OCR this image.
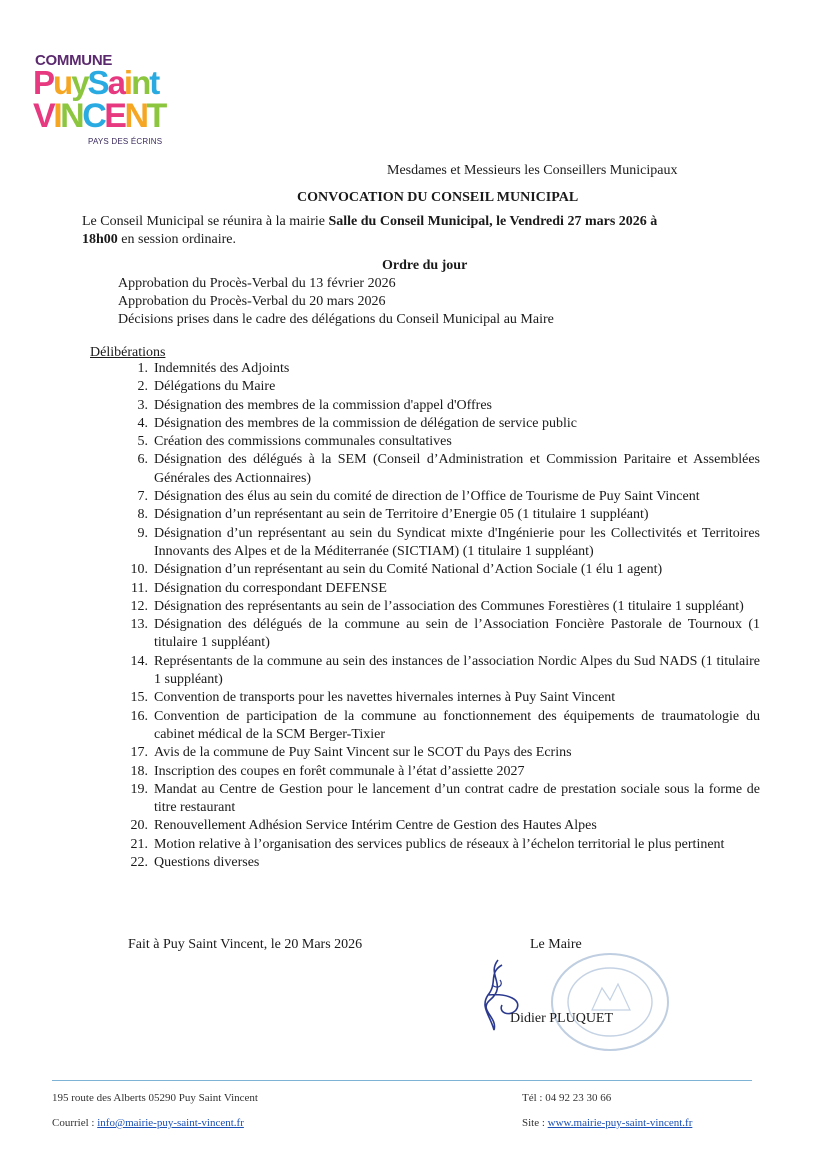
COMMUNE
PuySaint
VINCENT
PAYS DES ÉCRINS
Mesdames et Messieurs les Conseillers Municipaux
CONVOCATION DU CONSEIL MUNICIPAL
Le Conseil Municipal se réunira à la mairie Salle du Conseil Municipal, le Vendredi 27 mars 2026 à
18h00 en session ordinaire.
Ordre du jour
Approbation du Procès-Verbal du 13 février 2026
Approbation du Procès-Verbal du 20 mars 2026
Décisions prises dans le cadre des délégations du Conseil Municipal au Maire
Délibérations
1. Indemnités des Adjoints
2. Délégations du Maire
3. Désignation des membres de la commission d'appel d'Offres
4. Désignation des membres de la commission de délégation de service public
5. Création des commissions communales consultatives
6. Désignation des délégués à la SEM (Conseil d’Administration et Commission Paritaire et Assemblées Générales des Actionnaires)
7. Désignation des élus au sein du comité de direction de l’Office de Tourisme de Puy Saint Vincent
8. Désignation d’un représentant au sein de Territoire d’Energie 05 (1 titulaire 1 suppléant)
9. Désignation d’un représentant au sein du Syndicat mixte d'Ingénierie pour les Collectivités et Territoires Innovants des Alpes et de la Méditerranée (SICTIAM) (1 titulaire 1 suppléant)
10. Désignation d’un représentant au sein du Comité National d’Action Sociale (1 élu 1 agent)
11. Désignation du correspondant DEFENSE
12. Désignation des représentants au sein de l’association des Communes Forestières (1 titulaire 1 suppléant)
13. Désignation des délégués de la commune au sein de l’Association Foncière Pastorale de Tournoux (1 titulaire 1 suppléant)
14. Représentants de la commune au sein des instances de l’association Nordic Alpes du Sud NADS (1 titulaire 1 suppléant)
15. Convention de transports pour les navettes hivernales internes à Puy Saint Vincent
16. Convention de participation de la commune au fonctionnement des équipements de traumatologie du cabinet médical de la SCM Berger-Tixier
17. Avis de la commune de Puy Saint Vincent sur le SCOT du Pays des Ecrins
18. Inscription des coupes en forêt communale à l’état d’assiette 2027
19. Mandat au Centre de Gestion pour le lancement d’un contrat cadre de prestation sociale sous la forme de titre restaurant
20. Renouvellement Adhésion Service Intérim Centre de Gestion des Hautes Alpes
21. Motion relative à l’organisation des services publics de réseaux à l’échelon territorial le plus pertinent
22. Questions diverses
Fait à Puy Saint Vincent, le 20 Mars 2026	Le Maire
Didier PLUQUET
195 route des Alberts 05290 Puy Saint Vincent	Tél : 04 92 23 30 66
Courriel : info@mairie-puy-saint-vincent.fr	Site : www.mairie-puy-saint-vincent.fr
